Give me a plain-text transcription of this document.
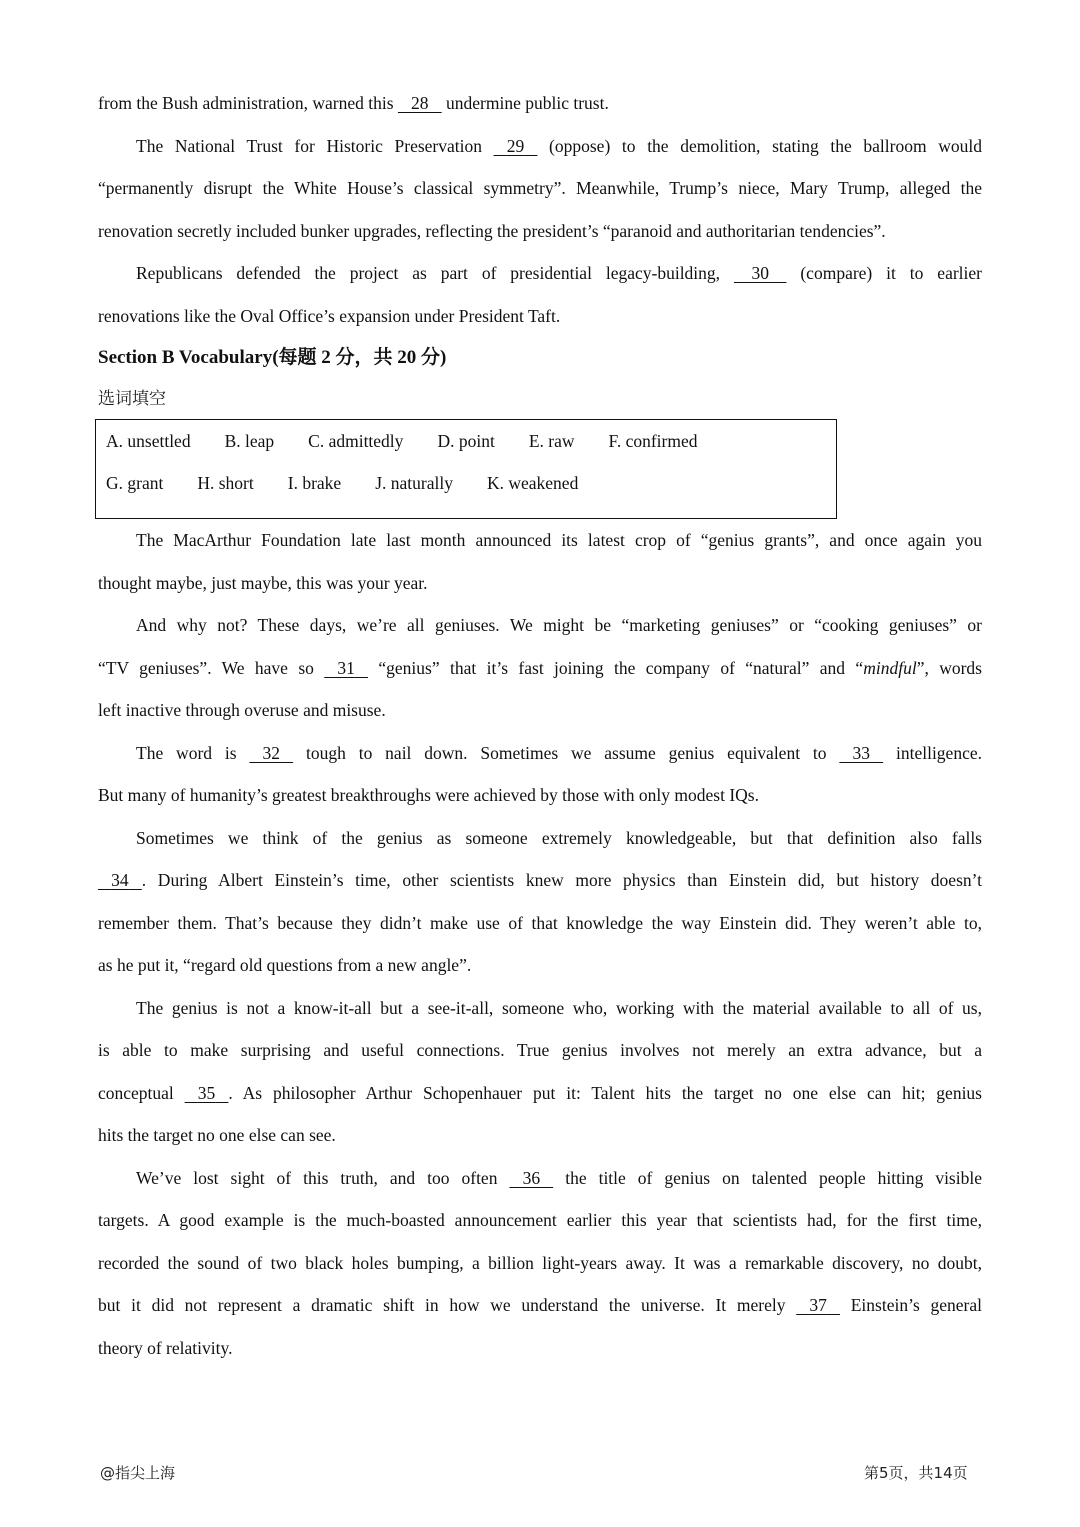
from the Bush administration, warned this    28    undermine public trust.
The National Trust for Historic Preservation    29    (oppose) to the demolition, stating the ballroom would
“permanently disrupt the White House’s classical symmetry”. Meanwhile, Trump’s niece, Mary Trump, alleged the
renovation secretly included bunker upgrades, reflecting the president’s “paranoid and authoritarian tendencies”.
Republicans defended the project as part of presidential legacy-building,     30     (compare) it to earlier
renovations like the Oval Office’s expansion under President Taft.
Section B Vocabulary(每题 2 分，共 20 分)
选词填空
A. unsettled B. leap C. admittedly D. point E. raw F. confirmed
G. grant H. short I. brake J. naturally K. weakened
The MacArthur Foundation late last month announced its latest crop of “genius grants”, and once again you
thought maybe, just maybe, this was your year.
And why not? These days, we’re all geniuses. We might be “marketing geniuses” or “cooking geniuses” or
“TV geniuses”. We have so    31    “genius” that it’s fast joining the company of “natural” and “mindful”, words
left inactive through overuse and misuse.
The word is    32    tough to nail down. Sometimes we assume genius equivalent to    33    intelligence.
But many of humanity’s greatest breakthroughs were achieved by those with only modest IQs.
Sometimes we think of the genius as someone extremely knowledgeable, but that definition also falls
34 . During Albert Einstein’s time, other scientists knew more physics than Einstein did, but history doesn’t
remember them. That’s because they didn’t make use of that knowledge the way Einstein did. They weren’t able to,
as he put it, “regard old questions from a new angle”.
The genius is not a know-it-all but a see-it-all, someone who, working with the material available to all of us,
is able to make surprising and useful connections. True genius involves not merely an extra advance, but a
conceptual    35 . As philosopher Arthur Schopenhauer put it: Talent hits the target no one else can hit; genius
hits the target no one else can see.
We’ve lost sight of this truth, and too often    36    the title of genius on talented people hitting visible
targets. A good example is the much-boasted announcement earlier this year that scientists had, for the first time,
recorded the sound of two black holes bumping, a billion light-years away. It was a remarkable discovery, no doubt,
but it did not represent a dramatic shift in how we understand the universe. It merely    37    Einstein’s general
theory of relativity.
@指尖上海	第5页，共14页
